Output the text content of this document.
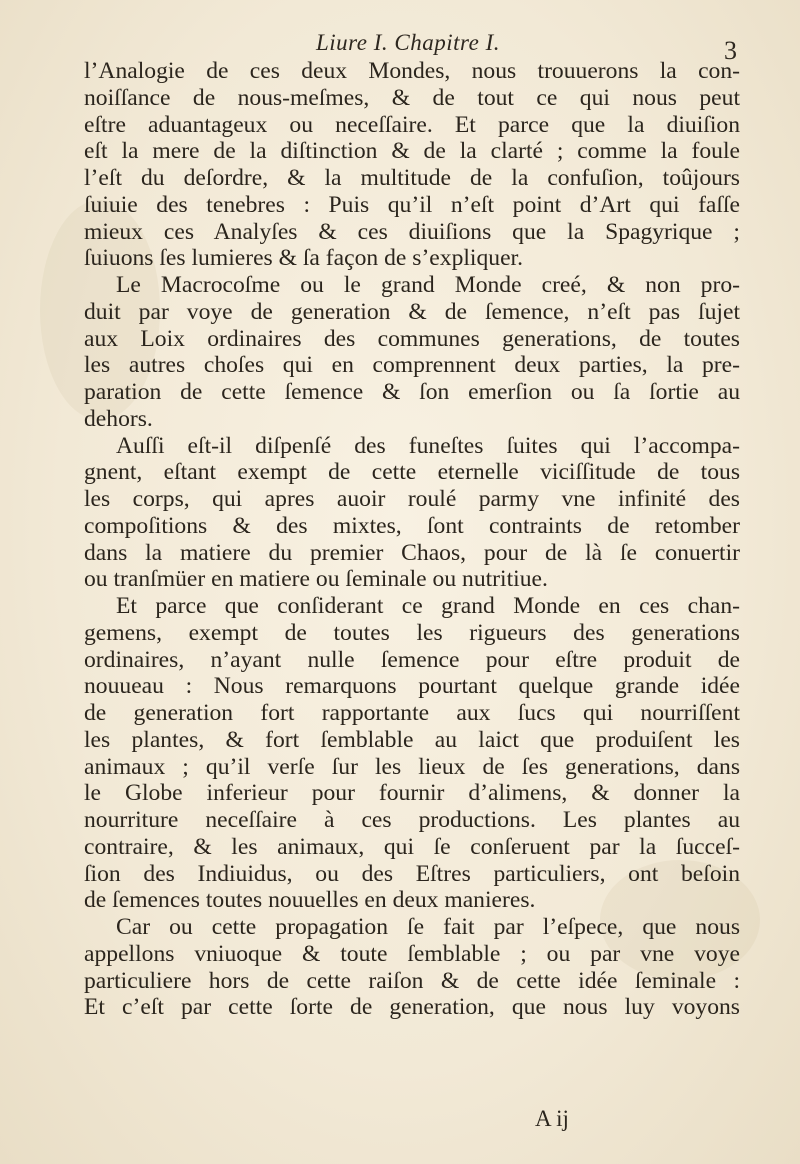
Liure I. Chapitre I.	3
l’Analogie de ces deux Mondes, nous trouuerons la con-
noiſſance de nous-meſmes, & de tout ce qui nous peut
eſtre aduantageux ou neceſſaire. Et parce que la diuiſion
eſt la mere de la diſtinction & de la clarté ; comme la foule
l’eſt du deſordre, & la multitude de la confuſion, toûjours
ſuiuie des tenebres : Puis qu’il n’eſt point d’Art qui faſſe
mieux ces Analyſes & ces diuiſions que la Spagyrique ;
ſuiuons ſes lumieres & ſa façon de s’expliquer.
Le Macrocoſme ou le grand Monde creé, & non pro-
duit par voye de generation & de ſemence, n’eſt pas ſujet
aux Loix ordinaires des communes generations, de toutes
les autres choſes qui en comprennent deux parties, la pre-
paration de cette ſemence & ſon emerſion ou ſa ſortie au
dehors.
Auſſi eſt-il diſpenſé des funeſtes ſuites qui l’accompa-
gnent, eſtant exempt de cette eternelle viciſſitude de tous
les corps, qui apres auoir roulé parmy vne infinité des
compoſitions & des mixtes, ſont contraints de retomber
dans la matiere du premier Chaos, pour de là ſe conuertir
ou tranſmüer en matiere ou ſeminale ou nutritiue.
Et parce que conſiderant ce grand Monde en ces chan-
gemens, exempt de toutes les rigueurs des generations
ordinaires, n’ayant nulle ſemence pour eſtre produit de
nouueau : Nous remarquons pourtant quelque grande idée
de generation fort rapportante aux ſucs qui nourriſſent
les plantes, & fort ſemblable au laict que produiſent les
animaux ; qu’il verſe ſur les lieux de ſes generations, dans
le Globe inferieur pour fournir d’alimens, & donner la
nourriture neceſſaire à ces productions. Les plantes au
contraire, & les animaux, qui ſe conſeruent par la ſucceſ-
ſion des Indiuidus, ou des Eſtres particuliers, ont beſoin
de ſemences toutes nouuelles en deux manieres.
Car ou cette propagation ſe fait par l’eſpece, que nous
appellons vniuoque & toute ſemblable ; ou par vne voye
particuliere hors de cette raiſon & de cette idée ſeminale :
Et c’eſt par cette ſorte de generation, que nous luy voyons
A ij
